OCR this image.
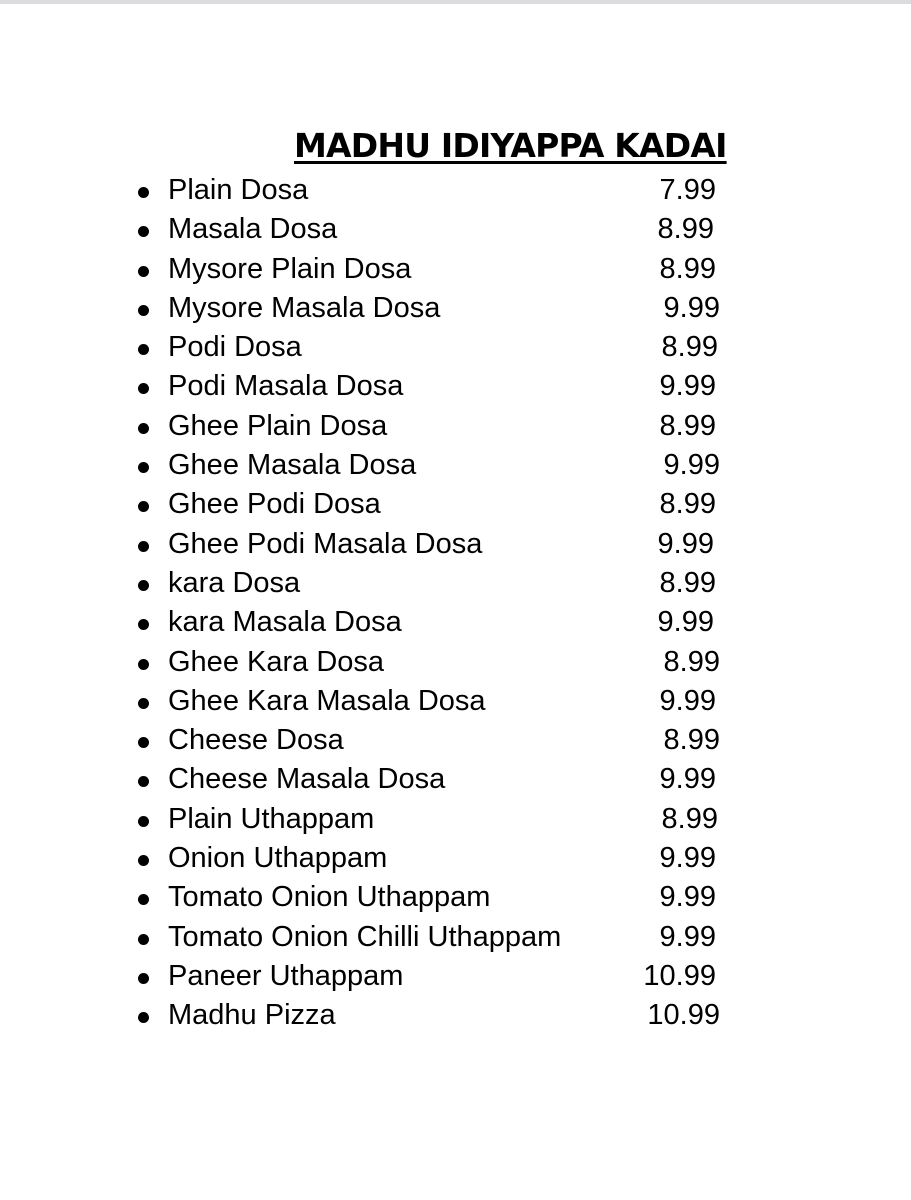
MADHU IDIYAPPA KADAI
Plain Dosa	7.99
Masala Dosa	8.99
Mysore Plain Dosa	8.99
Mysore Masala Dosa	9.99
Podi Dosa	8.99
Podi Masala Dosa	9.99
Ghee Plain Dosa	8.99
Ghee Masala Dosa	9.99
Ghee Podi Dosa	8.99
Ghee Podi Masala Dosa	9.99
kara Dosa	8.99
kara Masala Dosa	9.99
Ghee Kara Dosa	8.99
Ghee Kara Masala Dosa	9.99
Cheese Dosa	8.99
Cheese Masala Dosa	9.99
Plain Uthappam	8.99
Onion Uthappam	9.99
Tomato Onion Uthappam	9.99
Tomato Onion Chilli Uthappam	9.99
Paneer Uthappam	10.99
Madhu Pizza	10.99
